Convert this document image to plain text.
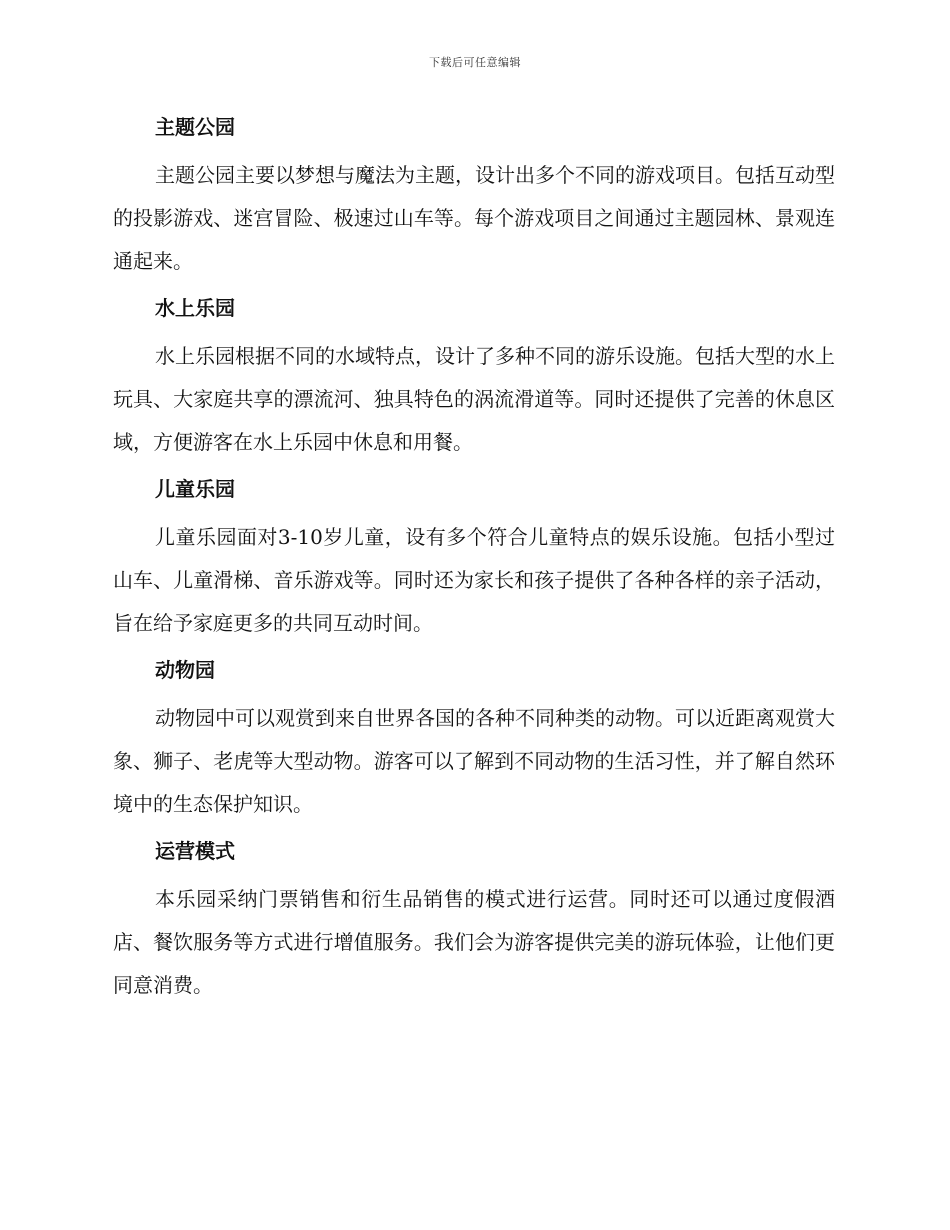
下载后可任意编辑
主题公园

主题公园主要以梦想与魔法为主题，设计出多个不同的游戏项目。包括互动型的投影游戏、迷宫冒险、极速过山车等。每个游戏项目之间通过主题园林、景观连通起来。

水上乐园

水上乐园根据不同的水域特点，设计了多种不同的游乐设施。包括大型的水上玩具、大家庭共享的漂流河、独具特色的涡流滑道等。同时还提供了完善的休息区域，方便游客在水上乐园中休息和用餐。

儿童乐园

儿童乐园面对3-10岁儿童，设有多个符合儿童特点的娱乐设施。包括小型过山车、儿童滑梯、音乐游戏等。同时还为家长和孩子提供了各种各样的亲子活动，旨在给予家庭更多的共同互动时间。

动物园

动物园中可以观赏到来自世界各国的各种不同种类的动物。可以近距离观赏大象、狮子、老虎等大型动物。游客可以了解到不同动物的生活习性，并了解自然环境中的生态保护知识。

运营模式

本乐园采纳门票销售和衍生品销售的模式进行运营。同时还可以通过度假酒店、餐饮服务等方式进行增值服务。我们会为游客提供完美的游玩体验，让他们更同意消费。
